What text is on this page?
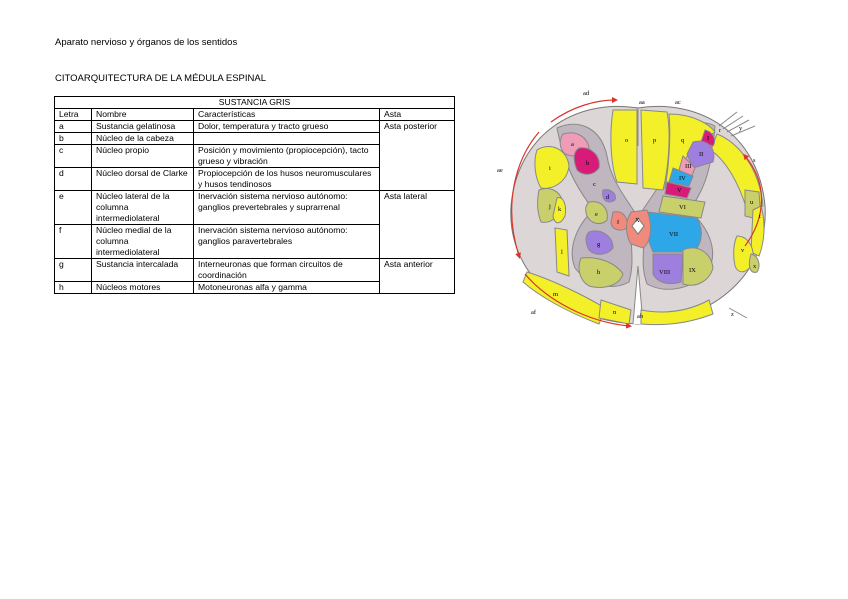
Aparato nervioso y órganos de los sentidos
CITOARQUITECTURA DE LA MÉDULA ESPINAL
SUSTANCIA GRIS			
Letra	Nombre	Características	Asta
a	Sustancia gelatinosa	Dolor, temperatura y tracto grueso	Asta posterior
b	Núcleo de la cabeza		
c	Núcleo propio	Posición y movimiento (propiocepción), tacto grueso y vibración	
d	Núcleo dorsal de Clarke	Propiocepción de los husos neuromusculares y husos tendinosos	
e	Núcleo lateral de la columna intermediolateral	Inervación sistema nervioso autónomo: ganglios prevertebrales y suprarrenal	Asta lateral
f	Núcleo medial de la columna intermediolateral	Inervación sistema nervioso autónomo: ganglios paravertebrales	
g	Sustancia intercalada	Interneuronas que forman circuitos de coordinación	Asta anterior
h	Núcleos motores	Motoneuronas alfa y gamma	
ad
aa	ac
ae
af
ab
y
z
a
b
c
d
e
f
g
h
i
j k
l
m
n
o	p	q
r
s
t
u
v
x
I
II
III
IV
V
VI
VII
VIII	IX
X
